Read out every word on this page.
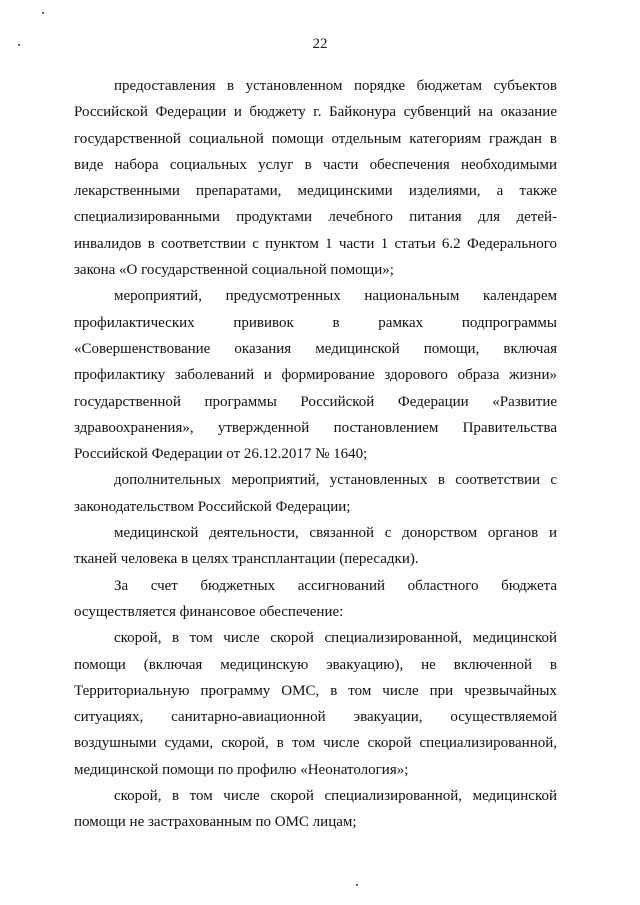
22

предоставления в установленном порядке бюджетам субъектов Российской Федерации и бюджету г. Байконура субвенций на оказание государственной социальной помощи отдельным категориям граждан в виде набора социальных услуг в части обеспечения необходимыми лекарственными препаратами, медицинскими изделиями, а также специализированными продуктами лечебного питания для детей-инвалидов в соответствии с пунктом 1 части 1 статьи 6.2 Федерального закона «О государственной социальной помощи»;

мероприятий, предусмотренных национальным календарем профилактических прививок в рамках подпрограммы «Совершенствование оказания медицинской помощи, включая профилактику заболеваний и формирование здорового образа жизни» государственной программы Российской Федерации «Развитие здравоохранения», утвержденной постановлением Правительства Российской Федерации от 26.12.2017 № 1640;

дополнительных мероприятий, установленных в соответствии с законодательством Российской Федерации;

медицинской деятельности, связанной с донорством органов и тканей человека в целях трансплантации (пересадки).

За счет бюджетных ассигнований областного бюджета осуществляется финансовое обеспечение:

скорой, в том числе скорой специализированной, медицинской помощи (включая медицинскую эвакуацию), не включенной в Территориальную программу ОМС, в том числе при чрезвычайных ситуациях, санитарно-авиационной эвакуации, осуществляемой воздушными судами, скорой, в том числе скорой специализированной, медицинской помощи по профилю «Неонатология»;

скорой, в том числе скорой специализированной, медицинской помощи не застрахованным по ОМС лицам;
